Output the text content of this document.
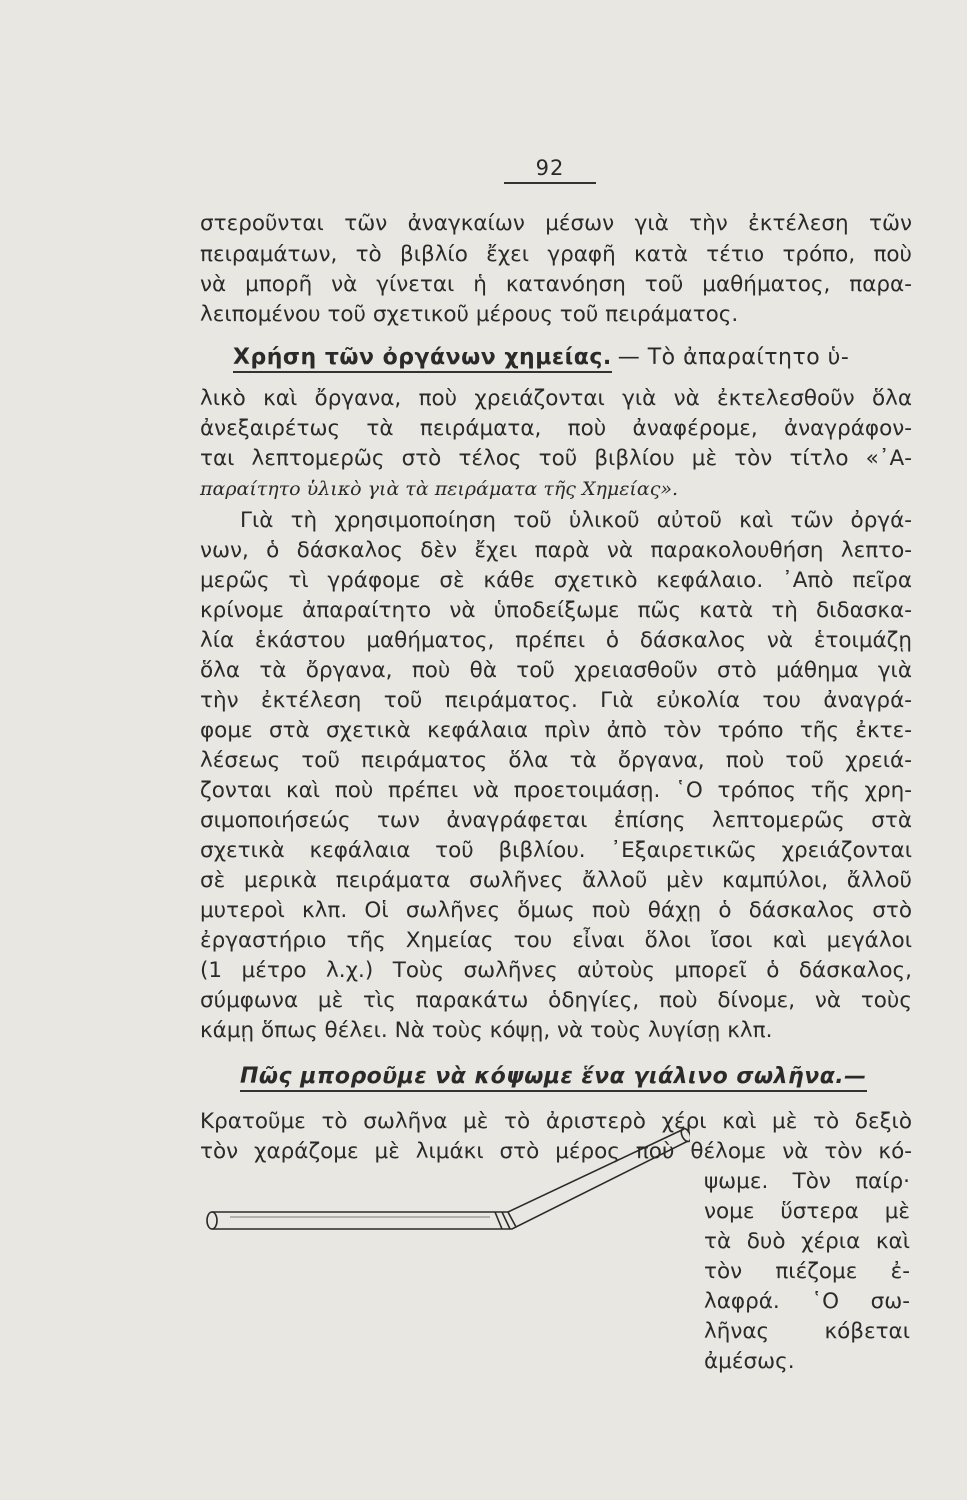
92
στεροῦνται τῶν ἀναγκαίων μέσων γιὰ τὴν ἐκτέλεση τῶν
πειραμάτων, τὸ βιβλίο ἔχει γραφῆ κατὰ τέτιο τρόπο, ποὺ
νὰ μπορῆ νὰ γίνεται ἡ κατανόηση τοῦ μαθήματος, παρα-
λειπομένου τοῦ σχετικοῦ μέρους τοῦ πειράματος.
Χρήση τῶν ὀργάνων χημείας. — Τὸ ἀπαραίτητο ὑ-
λικὸ καὶ ὄργανα, ποὺ χρειάζονται γιὰ νὰ ἐκτελεσθοῦν ὅλα
ἀνεξαιρέτως τὰ πειράματα, ποὺ ἀναφέρομε, ἀναγράφον-
ται λεπτομερῶς στὸ τέλος τοῦ βιβλίου μὲ τὸν τίτλο «᾿Α-
παραίτητο ὑλικὸ γιὰ τὰ πειράματα τῆς Χημείας».
Γιὰ τὴ χρησιμοποίηση τοῦ ὑλικοῦ αὐτοῦ καὶ τῶν ὀργά-
νων, ὁ δάσκαλος δὲν ἔχει παρὰ νὰ παρακολουθήση λεπτο-
μερῶς τὶ γράφομε σὲ κάθε σχετικὸ κεφάλαιο. ᾿Απὸ πεῖρα
κρίνομε ἀπαραίτητο νὰ ὑποδείξωμε πῶς κατὰ τὴ διδασκα-
λία ἑκάστου μαθήματος, πρέπει ὁ δάσκαλος νὰ ἑτοιμάζῃ
ὅλα τὰ ὄργανα, ποὺ θὰ τοῦ χρειασθοῦν στὸ μάθημα γιὰ
τὴν ἐκτέλεση τοῦ πειράματος. Γιὰ εὐκολία του ἀναγρά-
φομε στὰ σχετικὰ κεφάλαια πρὶν ἀπὸ τὸν τρόπο τῆς ἐκτε-
λέσεως τοῦ πειράματος ὅλα τὰ ὄργανα, ποὺ τοῦ χρειά-
ζονται καὶ ποὺ πρέπει νὰ προετοιμάσῃ. ῾Ο τρόπος τῆς χρη-
σιμοποιήσεώς των ἀναγράφεται ἐπίσης λεπτομερῶς στὰ
σχετικὰ κεφάλαια τοῦ βιβλίου. ᾿Εξαιρετικῶς χρειάζονται
σὲ μερικὰ πειράματα σωλῆνες ἄλλοῦ μὲν καμπύλοι, ἄλλοῦ
μυτεροὶ κλπ. Οἱ σωλῆνες ὅμως ποὺ θάχῃ ὁ δάσκαλος στὸ
ἐργαστήριο τῆς Χημείας του εἶναι ὅλοι ἴσοι καὶ μεγάλοι
(1 μέτρο λ.χ.) Τοὺς σωλῆνες αὐτοὺς μπορεῖ ὁ δάσκαλος,
σύμφωνα μὲ τὶς παρακάτω ὁδηγίες, ποὺ δίνομε, νὰ τοὺς
κάμῃ ὅπως θέλει. Νὰ τοὺς κόψῃ, νὰ τοὺς λυγίσῃ κλπ.
Πῶς μποροῦμε νὰ κόψωμε ἕνα γιάλινο σωλῆνα.—
Κρατοῦμε τὸ σωλῆνα μὲ τὸ ἀριστερὸ χέρι καὶ μὲ τὸ δεξιὸ
τὸν χαράζομε μὲ λιμάκι στὸ μέρος ποὺ θέλομε νὰ τὸν κό-
ψωμε. Τὸν παίρ·
νομε ὕστερα μὲ
τὰ δυὸ χέρια καὶ
τὸν πιέζομε ἐ-
λαφρά. ῾Ο σω-
λῆνας κόβεται
ἀμέσως.
